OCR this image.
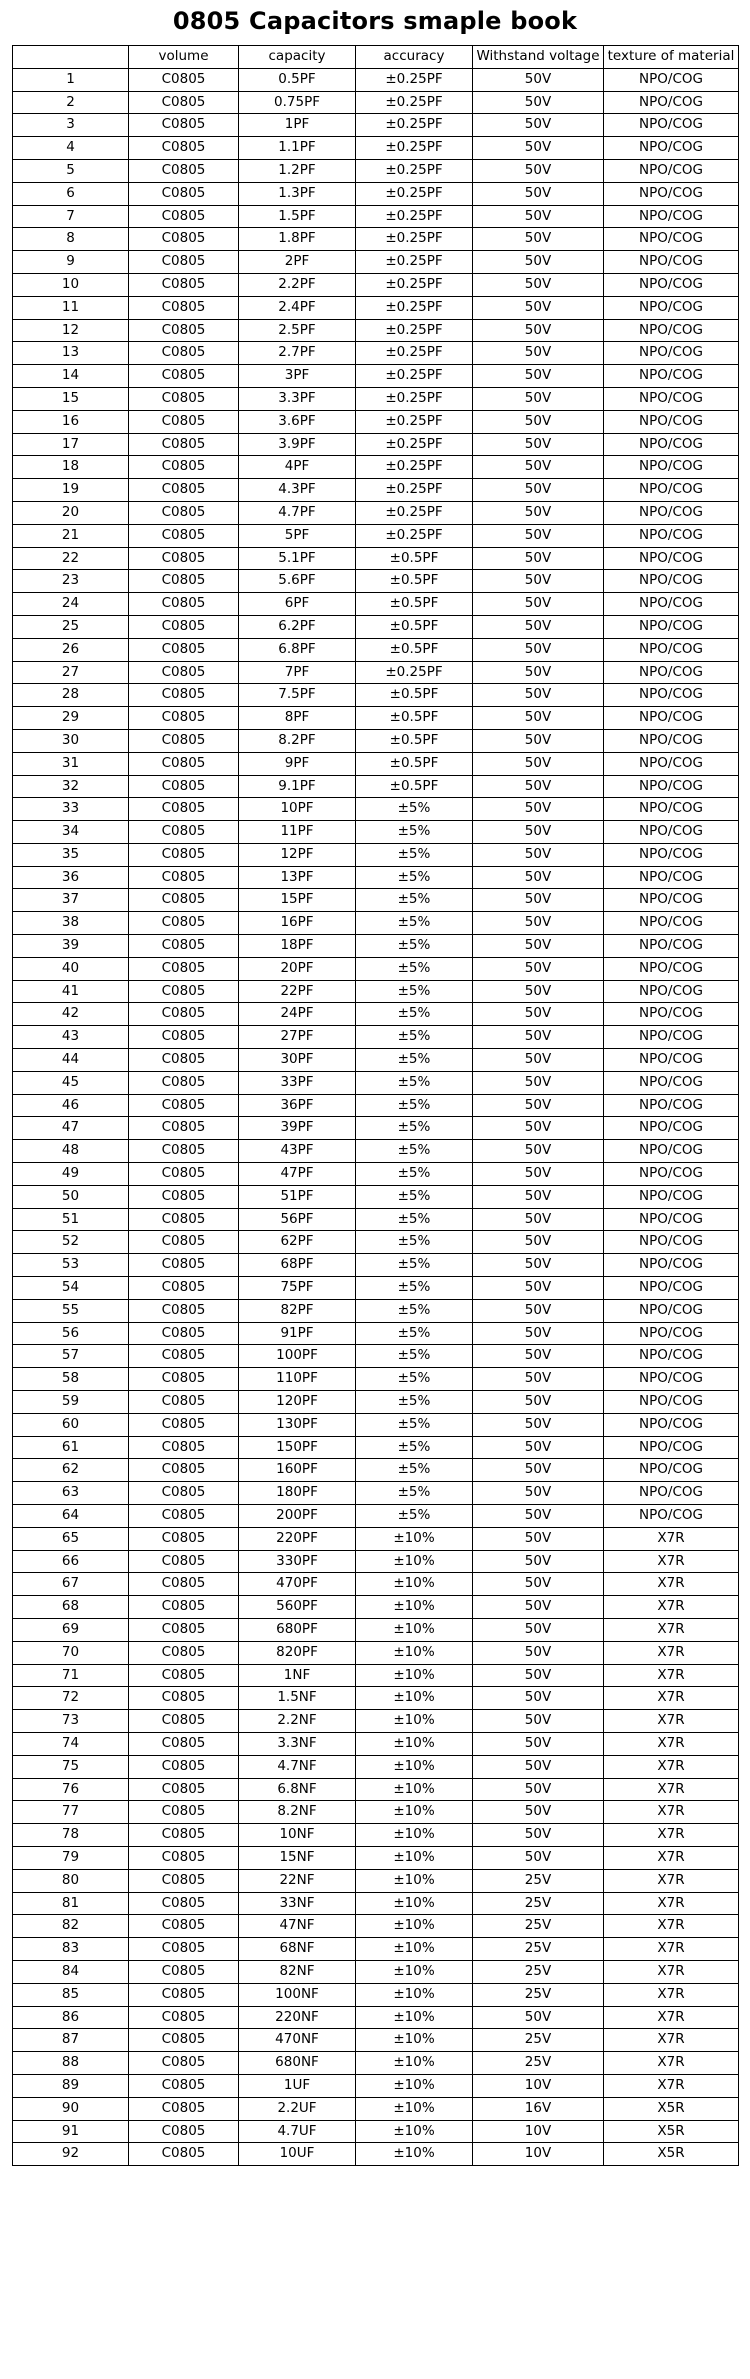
0805 Capacitors smaple book
	volume	capacity	accuracy	Withstand voltage	texture of material
1	C0805	0.5PF	±0.25PF	50V	NPO/COG
2	C0805	0.75PF	±0.25PF	50V	NPO/COG
3	C0805	1PF	±0.25PF	50V	NPO/COG
4	C0805	1.1PF	±0.25PF	50V	NPO/COG
5	C0805	1.2PF	±0.25PF	50V	NPO/COG
6	C0805	1.3PF	±0.25PF	50V	NPO/COG
7	C0805	1.5PF	±0.25PF	50V	NPO/COG
8	C0805	1.8PF	±0.25PF	50V	NPO/COG
9	C0805	2PF	±0.25PF	50V	NPO/COG
10	C0805	2.2PF	±0.25PF	50V	NPO/COG
11	C0805	2.4PF	±0.25PF	50V	NPO/COG
12	C0805	2.5PF	±0.25PF	50V	NPO/COG
13	C0805	2.7PF	±0.25PF	50V	NPO/COG
14	C0805	3PF	±0.25PF	50V	NPO/COG
15	C0805	3.3PF	±0.25PF	50V	NPO/COG
16	C0805	3.6PF	±0.25PF	50V	NPO/COG
17	C0805	3.9PF	±0.25PF	50V	NPO/COG
18	C0805	4PF	±0.25PF	50V	NPO/COG
19	C0805	4.3PF	±0.25PF	50V	NPO/COG
20	C0805	4.7PF	±0.25PF	50V	NPO/COG
21	C0805	5PF	±0.25PF	50V	NPO/COG
22	C0805	5.1PF	±0.5PF	50V	NPO/COG
23	C0805	5.6PF	±0.5PF	50V	NPO/COG
24	C0805	6PF	±0.5PF	50V	NPO/COG
25	C0805	6.2PF	±0.5PF	50V	NPO/COG
26	C0805	6.8PF	±0.5PF	50V	NPO/COG
27	C0805	7PF	±0.25PF	50V	NPO/COG
28	C0805	7.5PF	±0.5PF	50V	NPO/COG
29	C0805	8PF	±0.5PF	50V	NPO/COG
30	C0805	8.2PF	±0.5PF	50V	NPO/COG
31	C0805	9PF	±0.5PF	50V	NPO/COG
32	C0805	9.1PF	±0.5PF	50V	NPO/COG
33	C0805	10PF	±5%	50V	NPO/COG
34	C0805	11PF	±5%	50V	NPO/COG
35	C0805	12PF	±5%	50V	NPO/COG
36	C0805	13PF	±5%	50V	NPO/COG
37	C0805	15PF	±5%	50V	NPO/COG
38	C0805	16PF	±5%	50V	NPO/COG
39	C0805	18PF	±5%	50V	NPO/COG
40	C0805	20PF	±5%	50V	NPO/COG
41	C0805	22PF	±5%	50V	NPO/COG
42	C0805	24PF	±5%	50V	NPO/COG
43	C0805	27PF	±5%	50V	NPO/COG
44	C0805	30PF	±5%	50V	NPO/COG
45	C0805	33PF	±5%	50V	NPO/COG
46	C0805	36PF	±5%	50V	NPO/COG
47	C0805	39PF	±5%	50V	NPO/COG
48	C0805	43PF	±5%	50V	NPO/COG
49	C0805	47PF	±5%	50V	NPO/COG
50	C0805	51PF	±5%	50V	NPO/COG
51	C0805	56PF	±5%	50V	NPO/COG
52	C0805	62PF	±5%	50V	NPO/COG
53	C0805	68PF	±5%	50V	NPO/COG
54	C0805	75PF	±5%	50V	NPO/COG
55	C0805	82PF	±5%	50V	NPO/COG
56	C0805	91PF	±5%	50V	NPO/COG
57	C0805	100PF	±5%	50V	NPO/COG
58	C0805	110PF	±5%	50V	NPO/COG
59	C0805	120PF	±5%	50V	NPO/COG
60	C0805	130PF	±5%	50V	NPO/COG
61	C0805	150PF	±5%	50V	NPO/COG
62	C0805	160PF	±5%	50V	NPO/COG
63	C0805	180PF	±5%	50V	NPO/COG
64	C0805	200PF	±5%	50V	NPO/COG
65	C0805	220PF	±10%	50V	X7R
66	C0805	330PF	±10%	50V	X7R
67	C0805	470PF	±10%	50V	X7R
68	C0805	560PF	±10%	50V	X7R
69	C0805	680PF	±10%	50V	X7R
70	C0805	820PF	±10%	50V	X7R
71	C0805	1NF	±10%	50V	X7R
72	C0805	1.5NF	±10%	50V	X7R
73	C0805	2.2NF	±10%	50V	X7R
74	C0805	3.3NF	±10%	50V	X7R
75	C0805	4.7NF	±10%	50V	X7R
76	C0805	6.8NF	±10%	50V	X7R
77	C0805	8.2NF	±10%	50V	X7R
78	C0805	10NF	±10%	50V	X7R
79	C0805	15NF	±10%	50V	X7R
80	C0805	22NF	±10%	25V	X7R
81	C0805	33NF	±10%	25V	X7R
82	C0805	47NF	±10%	25V	X7R
83	C0805	68NF	±10%	25V	X7R
84	C0805	82NF	±10%	25V	X7R
85	C0805	100NF	±10%	25V	X7R
86	C0805	220NF	±10%	50V	X7R
87	C0805	470NF	±10%	25V	X7R
88	C0805	680NF	±10%	25V	X7R
89	C0805	1UF	±10%	10V	X7R
90	C0805	2.2UF	±10%	16V	X5R
91	C0805	4.7UF	±10%	10V	X5R
92	C0805	10UF	±10%	10V	X5R
